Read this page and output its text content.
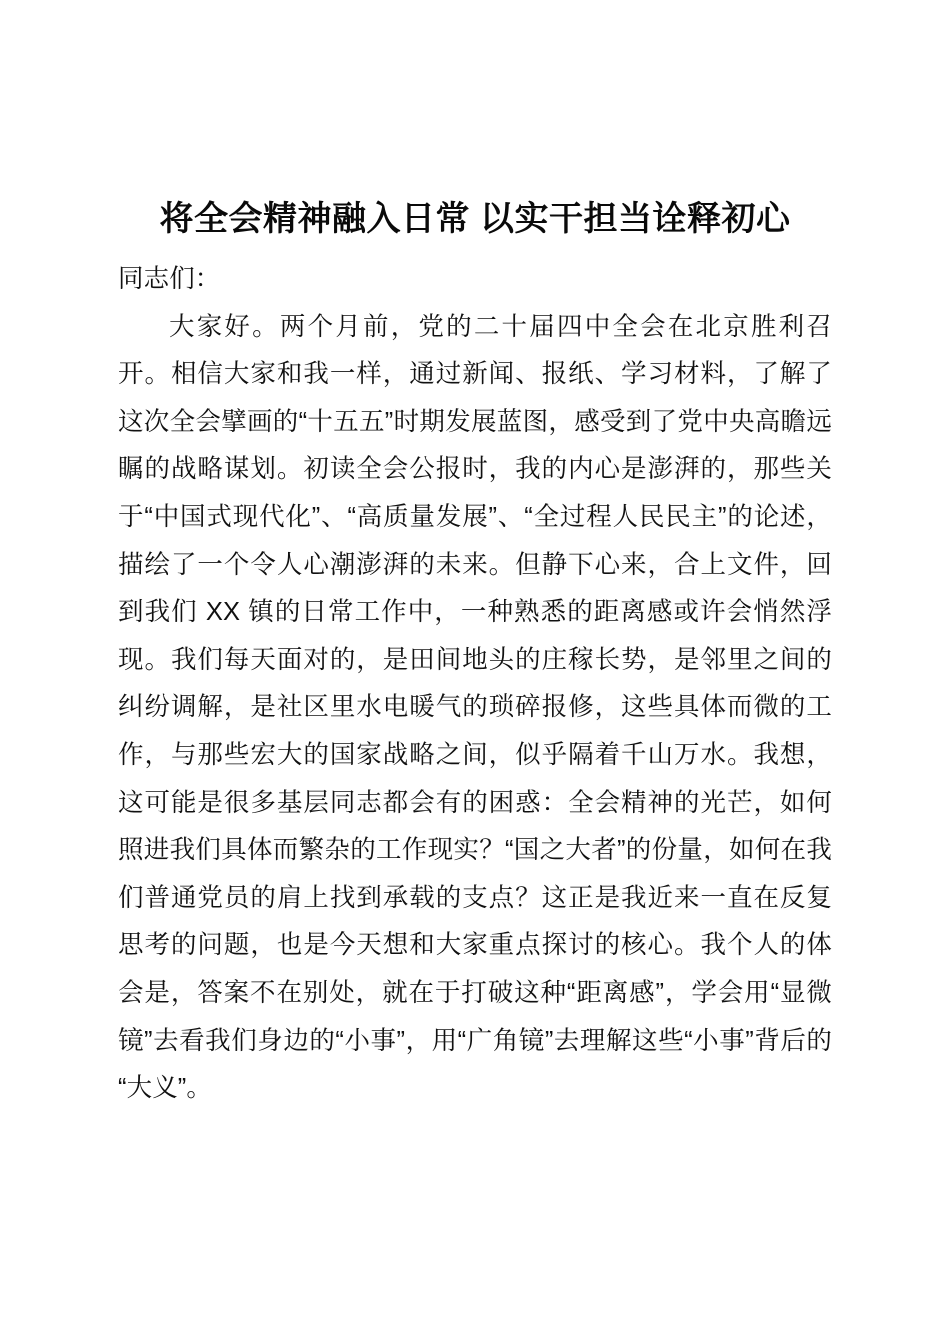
将全会精神融入日常 以实干担当诠释初心

同志们：

大家好。两个月前，党的二十届四中全会在北京胜利召开。相信大家和我一样，通过新闻、报纸、学习材料，了解了这次全会擘画的“十五五”时期发展蓝图，感受到了党中央高瞻远瞩的战略谋划。初读全会公报时，我的内心是澎湃的，那些关于“中国式现代化”、“高质量发展”、“全过程人民民主”的论述，描绘了一个令人心潮澎湃的未来。但静下心来，合上文件，回到我们 XX 镇的日常工作中，一种熟悉的距离感或许会悄然浮现。我们每天面对的，是田间地头的庄稼长势，是邻里之间的纠纷调解，是社区里水电暖气的琐碎报修，这些具体而微的工作，与那些宏大的国家战略之间，似乎隔着千山万水。我想，这可能是很多基层同志都会有的困惑：全会精神的光芒，如何照进我们具体而繁杂的工作现实？“国之大者”的份量，如何在我们普通党员的肩上找到承载的支点？这正是我近来一直在反复思考的问题，也是今天想和大家重点探讨的核心。我个人的体会是，答案不在别处，就在于打破这种“距离感”，学会用“显微镜”去看我们身边的“小事”，用“广角镜”去理解这些“小事”背后的“大义”。
